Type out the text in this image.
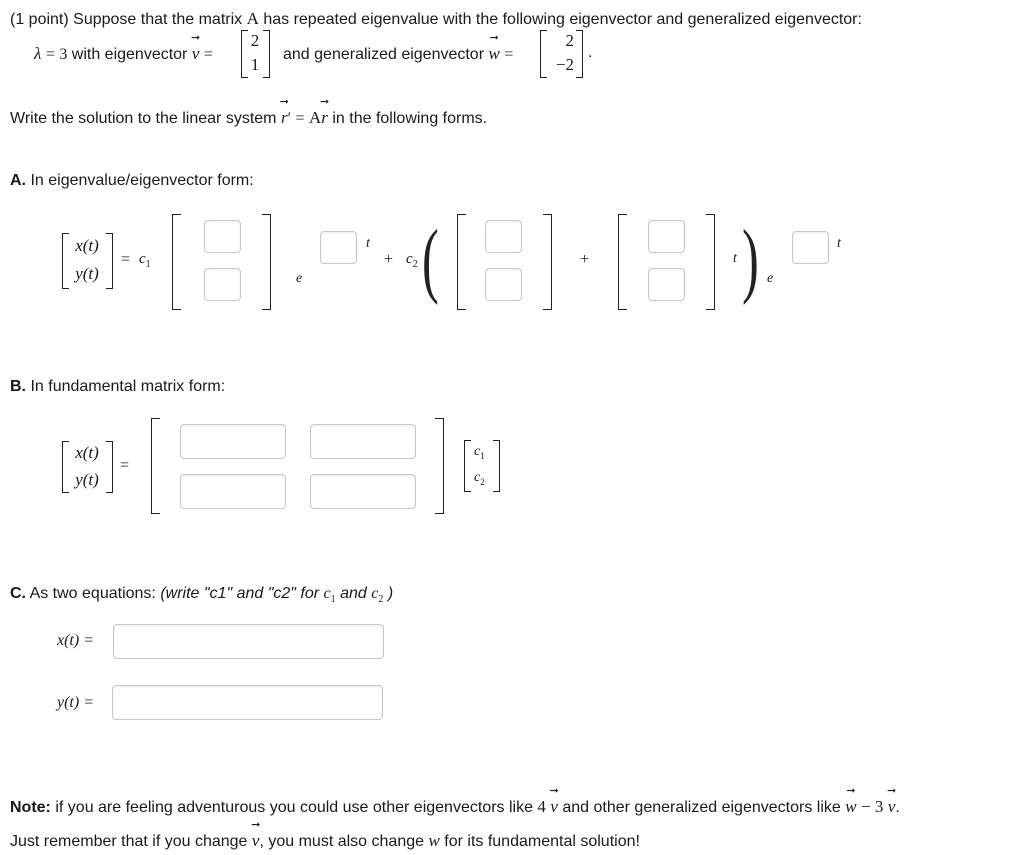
(1 point) Suppose that the matrix A has repeated eigenvalue with the following eigenvector and generalized eigenvector:
λ = 3 with eigenvector
➞
v =
2
1
and generalized eigenvector
➞
w =
2
−2
.
Write the solution to the linear system
➞
r′ = A
➞
r in the following forms.
A. In eigenvalue/eigenvector form:
x(t)
y(t)
= $c_1$
e
t
+ $c_2$ (	+	t ) e
t
B. In fundamental matrix form:
x(t)
y(t)
=
$c_1$
$c_2$
C. As two equations: (write "c1" and "c2" for $c_1$ and $c_2$ )
x(t) =
y(t) =
Note: if you are feeling adventurous you could use other eigenvectors like 4
➞
v and other generalized eigenvectors like
➞
w − 3
➞
v.
Just remember that if you change
➞
v, you must also change w for its fundamental solution!
